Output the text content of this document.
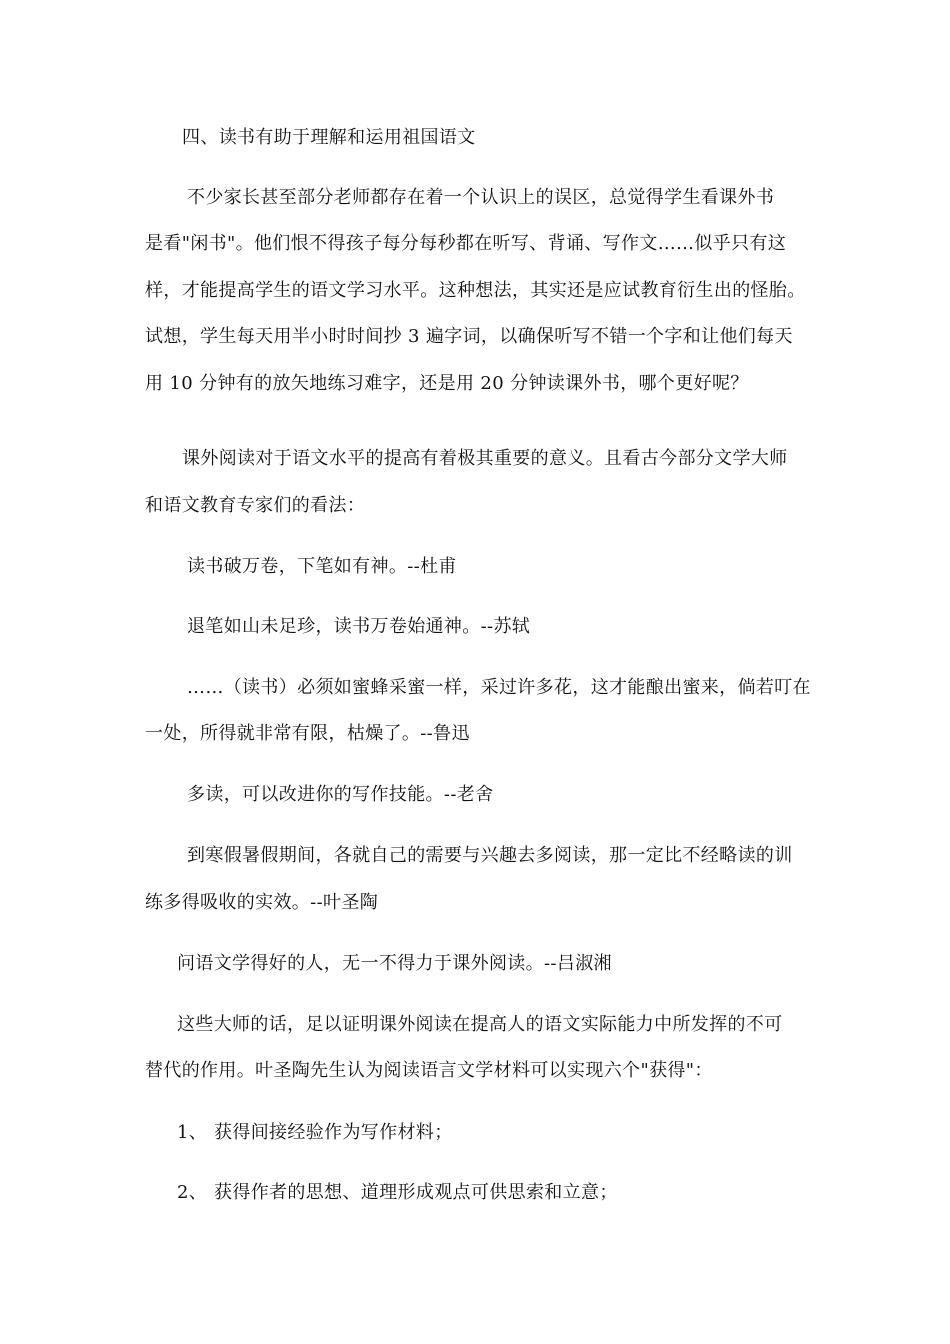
四、读书有助于理解和运用祖国语文
不少家长甚至部分老师都存在着一个认识上的误区，总觉得学生看课外书
是看"闲书"。他们恨不得孩子每分每秒都在听写、背诵、写作文……似乎只有这
样，才能提高学生的语文学习水平。这种想法，其实还是应试教育衍生出的怪胎。
试想，学生每天用半小时时间抄 3 遍字词，以确保听写不错一个字和让他们每天
用 10 分钟有的放矢地练习难字，还是用 20 分钟读课外书，哪个更好呢？
课外阅读对于语文水平的提高有着极其重要的意义。且看古今部分文学大师
和语文教育专家们的看法：
读书破万卷，下笔如有神。--杜甫
退笔如山未足珍，读书万卷始通神。--苏轼
……（读书）必须如蜜蜂采蜜一样，采过许多花，这才能酿出蜜来，倘若叮在
一处，所得就非常有限，枯燥了。--鲁迅
多读，可以改进你的写作技能。--老舍
到寒假暑假期间，各就自己的需要与兴趣去多阅读，那一定比不经略读的训
练多得吸收的实效。--叶圣陶
问语文学得好的人，无一不得力于课外阅读。--吕淑湘
这些大师的话，足以证明课外阅读在提高人的语文实际能力中所发挥的不可
替代的作用。叶圣陶先生认为阅读语言文学材料可以实现六个"获得"：
1、 获得间接经验作为写作材料；
2、 获得作者的思想、道理形成观点可供思索和立意；
